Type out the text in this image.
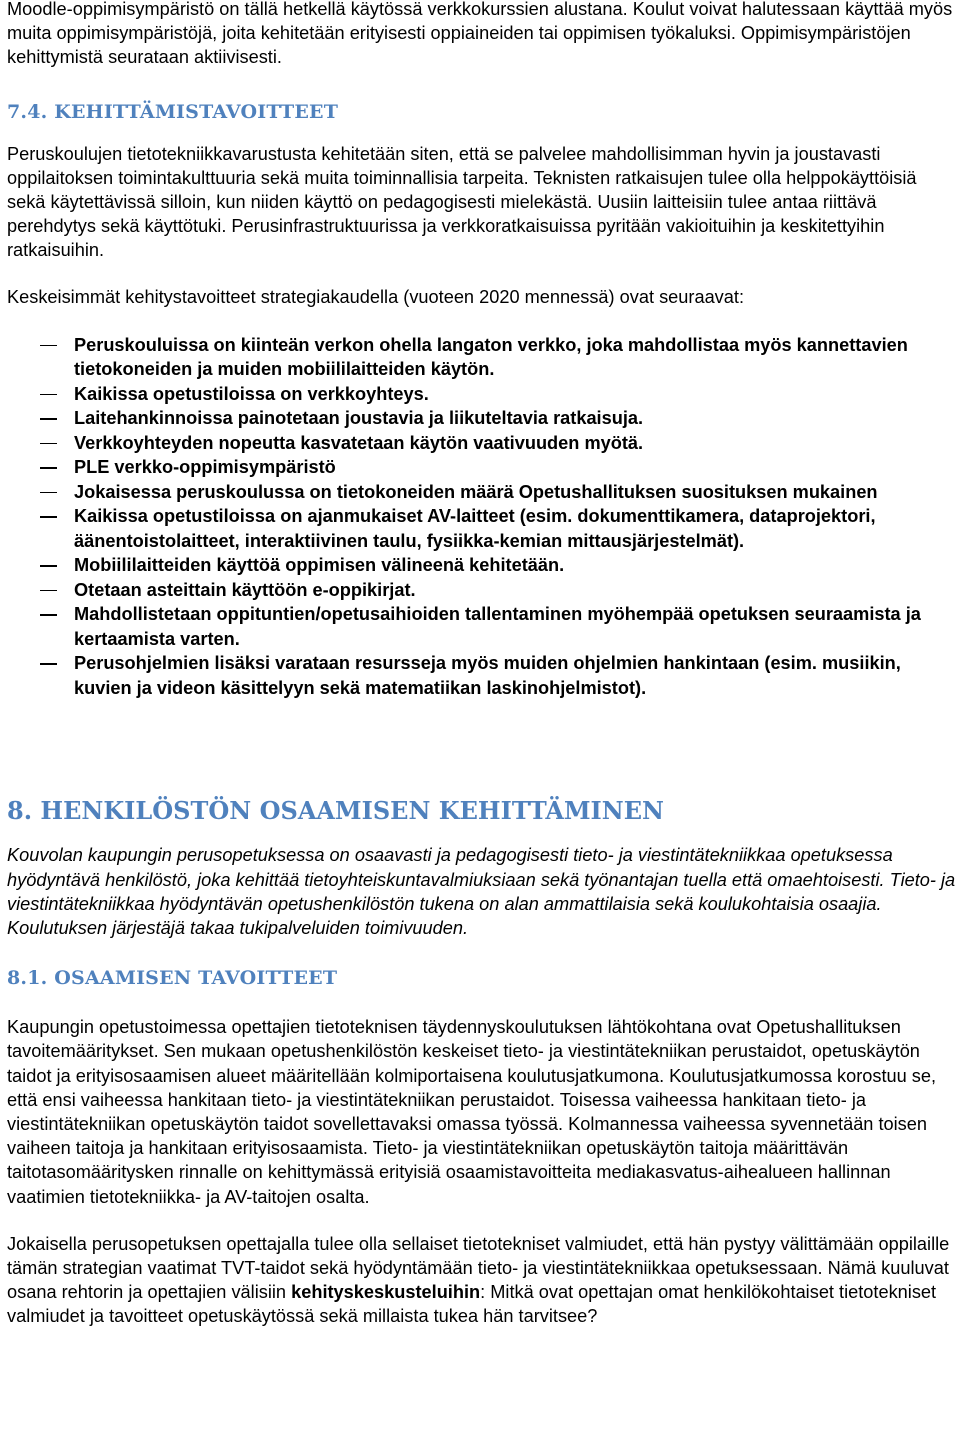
Moodle-oppimisympäristö on tällä hetkellä käytössä verkkokurssien alustana. Koulut voivat halutessaan käyttää myös muita oppimisympäristöjä, joita kehitetään erityisesti oppiaineiden tai oppimisen työkaluksi. Oppimisympäristöjen kehittymistä seurataan aktiivisesti.

7.4. KEHITTÄMISTAVOITTEET

Peruskoulujen tietotekniikkavarustusta kehitetään siten, että se palvelee mahdollisimman hyvin ja joustavasti oppilaitoksen toimintakulttuuria sekä muita toiminnallisia tarpeita. Teknisten ratkaisujen tulee olla helppokäyttöisiä sekä käytettävissä silloin, kun niiden käyttö on pedagogisesti mielekästä. Uusiin laitteisiin tulee antaa riittävä perehdytys sekä käyttötuki. Perusinfrastruktuurissa ja verkkoratkaisuissa pyritään vakioituihin ja keskitettyihin ratkaisuihin.

Keskeisimmät kehitystavoitteet strategiakaudella (vuoteen 2020 mennessä) ovat seuraavat:

Peruskouluissa on kiinteän verkon ohella langaton verkko, joka mahdollistaa myös kannettavien tietokoneiden ja muiden mobiililaitteiden käytön.
Kaikissa opetustiloissa on verkkoyhteys.
Laitehankinnoissa painotetaan joustavia ja liikuteltavia ratkaisuja.
Verkkoyhteyden nopeutta kasvatetaan käytön vaativuuden myötä.
PLE verkko-oppimisympäristö
Jokaisessa peruskoulussa on tietokoneiden määrä Opetushallituksen suosituksen mukainen
Kaikissa opetustiloissa on ajanmukaiset AV-laitteet (esim. dokumenttikamera, dataprojektori, äänentoistolaitteet, interaktiivinen taulu, fysiikka-kemian mittausjärjestelmät).
Mobiililaitteiden käyttöä oppimisen välineenä kehitetään.
Otetaan asteittain käyttöön e-oppikirjat.
Mahdollistetaan oppituntien/opetusaihioiden tallentaminen myöhempää opetuksen seuraamista ja kertaamista varten.
Perusohjelmien lisäksi varataan resursseja myös muiden ohjelmien hankintaan (esim. musiikin, kuvien ja videon käsittelyyn sekä matematiikan laskinohjelmistot).
8. HENKILÖSTÖN OSAAMISEN KEHITTÄMINEN

Kouvolan kaupungin perusopetuksessa on osaavasti ja pedagogisesti tieto- ja viestintätekniikkaa opetuksessa hyödyntävä henkilöstö, joka kehittää tietoyhteiskuntavalmiuksiaan sekä työnantajan tuella että omaehtoisesti. Tieto- ja viestintätekniikkaa hyödyntävän opetushenkilöstön tukena on alan ammattilaisia sekä koulukohtaisia osaajia. Koulutuksen järjestäjä takaa tukipalveluiden toimivuuden.

8.1. OSAAMISEN TAVOITTEET

Kaupungin opetustoimessa opettajien tietoteknisen täydennyskoulutuksen lähtökohtana ovat Opetushallituksen tavoitemääritykset. Sen mukaan opetushenkilöstön keskeiset tieto- ja viestintätekniikan perustaidot, opetuskäytön taidot ja erityisosaamisen alueet määritellään kolmiportaisena koulutusjatkumona. Koulutusjatkumossa korostuu se, että ensi vaiheessa hankitaan tieto- ja viestintätekniikan perustaidot. Toisessa vaiheessa hankitaan tieto- ja viestintätekniikan opetuskäytön taidot sovellettavaksi omassa työssä. Kolmannessa vaiheessa syvennetään toisen vaiheen taitoja ja hankitaan erityisosaamista. Tieto- ja viestintätekniikan opetuskäytön taitoja määrittävän taitotasomääritysken rinnalle on kehittymässä erityisiä osaamistavoitteita mediakasvatus-aihealueen hallinnan vaatimien tietotekniikka- ja AV-taitojen osalta.

Jokaisella perusopetuksen opettajalla tulee olla sellaiset tietotekniset valmiudet, että hän pystyy välittämään oppilaille tämän strategian vaatimat TVT-taidot sekä hyödyntämään tieto- ja viestintätekniikkaa opetuksessaan. Nämä kuuluvat osana rehtorin ja opettajien välisiin kehityskeskusteluihin: Mitkä ovat opettajan omat henkilökohtaiset tietotekniset valmiudet ja tavoitteet opetuskäytössä sekä millaista tukea hän tarvitsee?
